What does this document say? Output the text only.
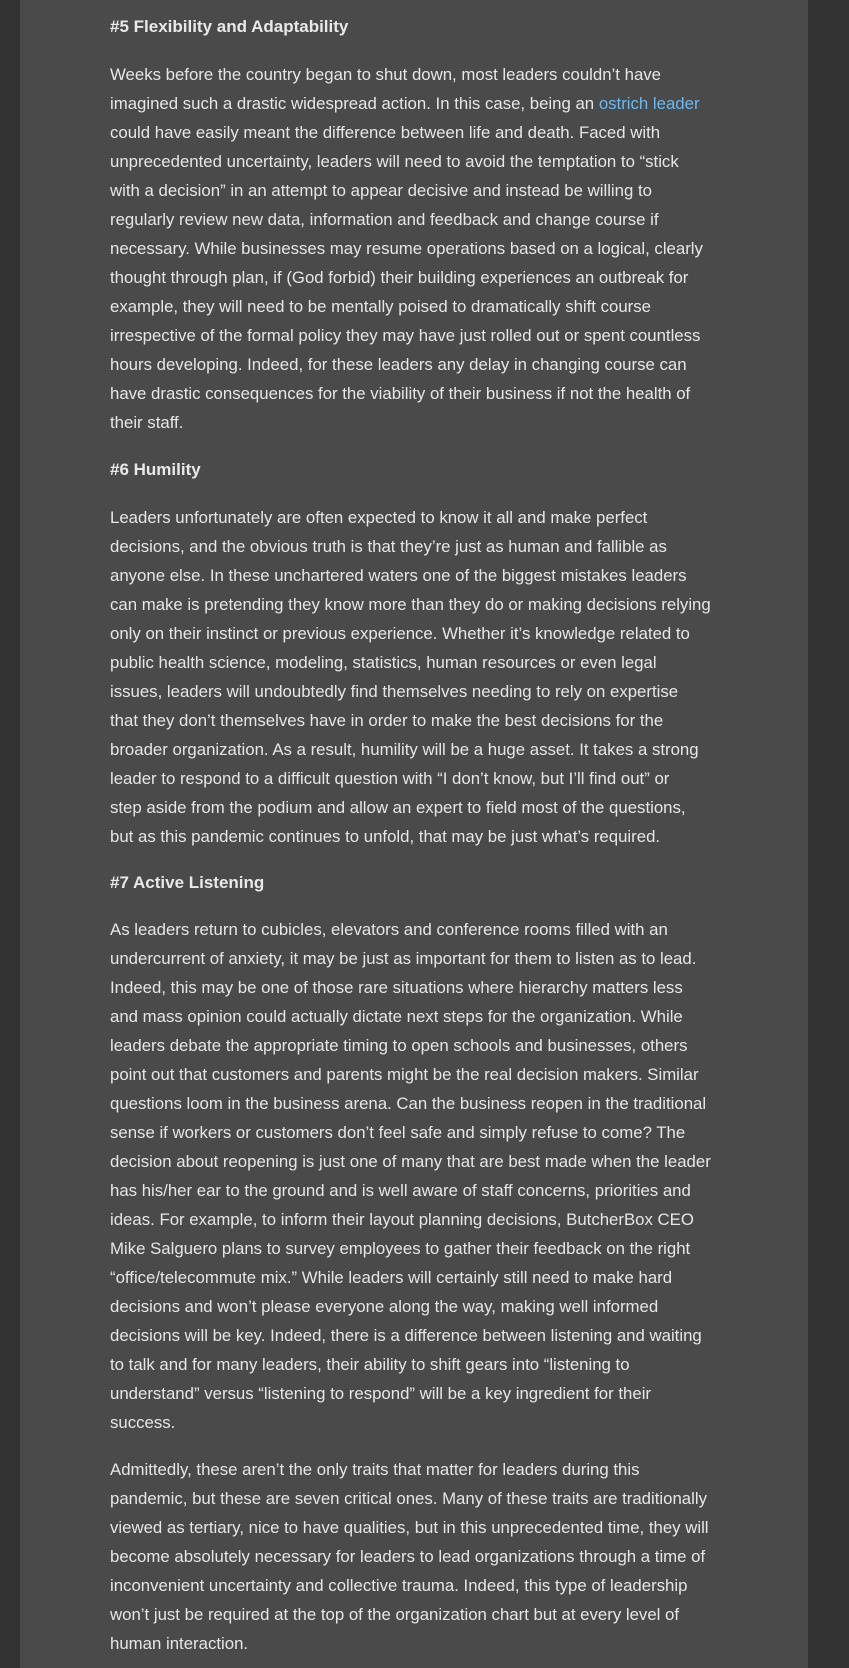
#5 Flexibility and Adaptability

Weeks before the country began to shut down, most leaders couldn’t have
imagined such a drastic widespread action. In this case, being an ostrich leader
could have easily meant the difference between life and death. Faced with
unprecedented uncertainty, leaders will need to avoid the temptation to “stick
with a decision” in an attempt to appear decisive and instead be willing to
regularly review new data, information and feedback and change course if
necessary. While businesses may resume operations based on a logical, clearly
thought through plan, if (God forbid) their building experiences an outbreak for
example, they will need to be mentally poised to dramatically shift course
irrespective of the formal policy they may have just rolled out or spent countless
hours developing. Indeed, for these leaders any delay in changing course can
have drastic consequences for the viability of their business if not the health of
their staff.

#6 Humility

Leaders unfortunately are often expected to know it all and make perfect
decisions, and the obvious truth is that they’re just as human and fallible as
anyone else. In these unchartered waters one of the biggest mistakes leaders
can make is pretending they know more than they do or making decisions relying
only on their instinct or previous experience. Whether it’s knowledge related to
public health science, modeling, statistics, human resources or even legal
issues, leaders will undoubtedly find themselves needing to rely on expertise
that they don’t themselves have in order to make the best decisions for the
broader organization. As a result, humility will be a huge asset. It takes a strong
leader to respond to a difficult question with “I don’t know, but I’ll find out” or
step aside from the podium and allow an expert to field most of the questions,
but as this pandemic continues to unfold, that may be just what’s required.

#7 Active Listening

As leaders return to cubicles, elevators and conference rooms filled with an
undercurrent of anxiety, it may be just as important for them to listen as to lead.
Indeed, this may be one of those rare situations where hierarchy matters less
and mass opinion could actually dictate next steps for the organization. While
leaders debate the appropriate timing to open schools and businesses, others
point out that customers and parents might be the real decision makers. Similar
questions loom in the business arena. Can the business reopen in the traditional
sense if workers or customers don’t feel safe and simply refuse to come? The
decision about reopening is just one of many that are best made when the leader
has his/her ear to the ground and is well aware of staff concerns, priorities and
ideas. For example, to inform their layout planning decisions, ButcherBox CEO
Mike Salguero plans to survey employees to gather their feedback on the right
“office/telecommute mix.” While leaders will certainly still need to make hard
decisions and won’t please everyone along the way, making well informed
decisions will be key. Indeed, there is a difference between listening and waiting
to talk and for many leaders, their ability to shift gears into “listening to
understand” versus “listening to respond” will be a key ingredient for their
success.

Admittedly, these aren’t the only traits that matter for leaders during this
pandemic, but these are seven critical ones. Many of these traits are traditionally
viewed as tertiary, nice to have qualities, but in this unprecedented time, they will
become absolutely necessary for leaders to lead organizations through a time of
inconvenient uncertainty and collective trauma. Indeed, this type of leadership
won’t just be required at the top of the organization chart but at every level of
human interaction.
